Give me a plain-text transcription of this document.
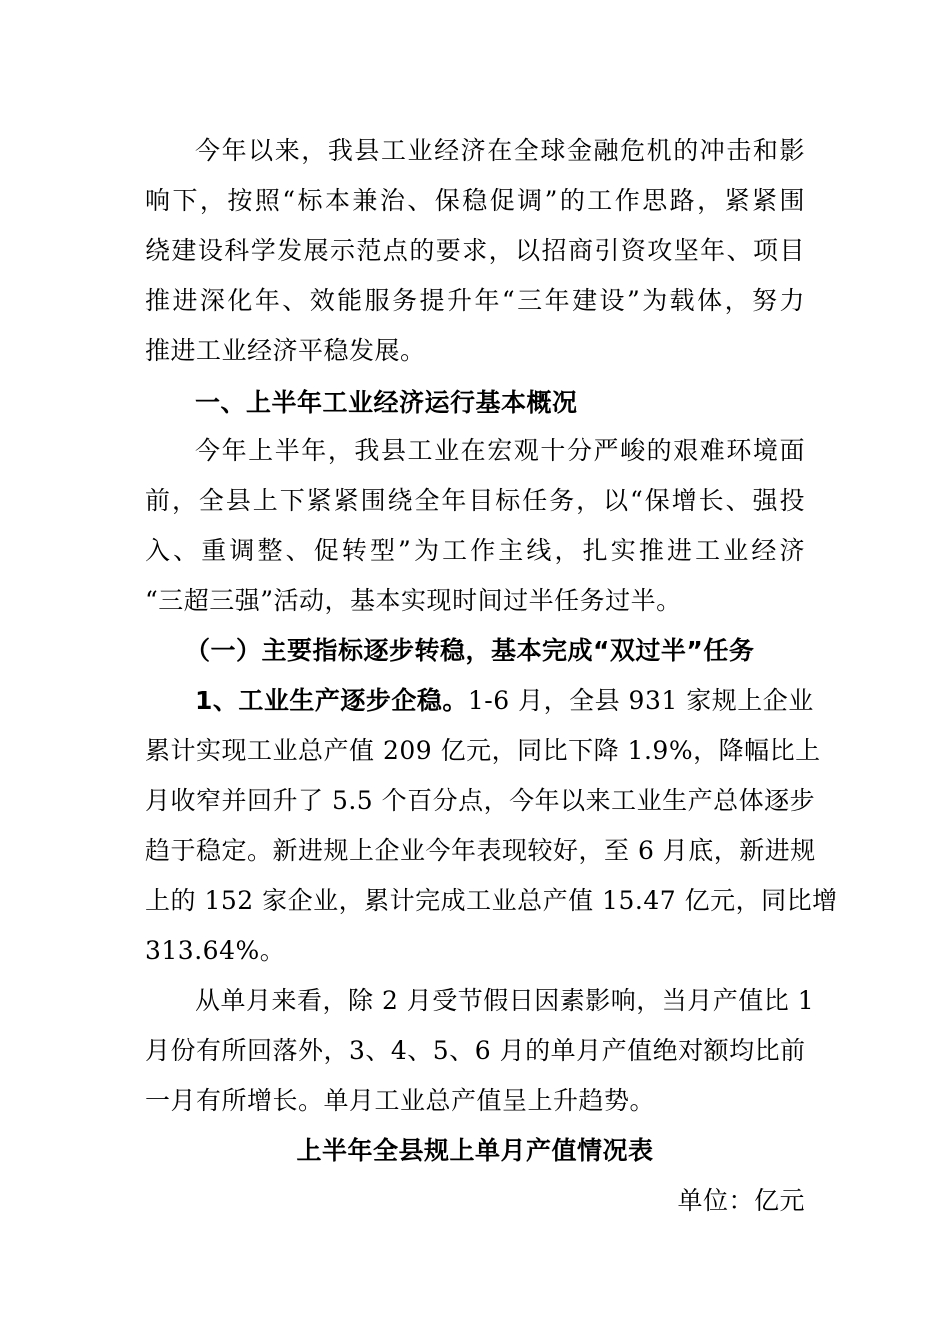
今年以来，我县工业经济在全球金融危机的冲击和影
响下，按照“标本兼治、保稳促调”的工作思路，紧紧围
绕建设科学发展示范点的要求，以招商引资攻坚年、项目
推进深化年、效能服务提升年“三年建设”为载体，努力
推进工业经济平稳发展。
一、上半年工业经济运行基本概况
今年上半年，我县工业在宏观十分严峻的艰难环境面
前，全县上下紧紧围绕全年目标任务，以“保增长、强投
入、重调整、促转型”为工作主线，扎实推进工业经济
“三超三强”活动，基本实现时间过半任务过半。
（一）主要指标逐步转稳，基本完成“双过半”任务
1、工业生产逐步企稳。1-6 月，全县 931 家规上企业
累计实现工业总产值 209 亿元，同比下降 1.9%，降幅比上
月收窄并回升了 5.5 个百分点，今年以来工业生产总体逐步
趋于稳定。新进规上企业今年表现较好，至 6 月底，新进规
上的 152 家企业，累计完成工业总产值 15.47 亿元，同比增
313.64%。
从单月来看，除 2 月受节假日因素影响，当月产值比 1
月份有所回落外，3、4、5、6 月的单月产值绝对额均比前
一月有所增长。单月工业总产值呈上升趋势。
上半年全县规上单月产值情况表
单位：亿元
